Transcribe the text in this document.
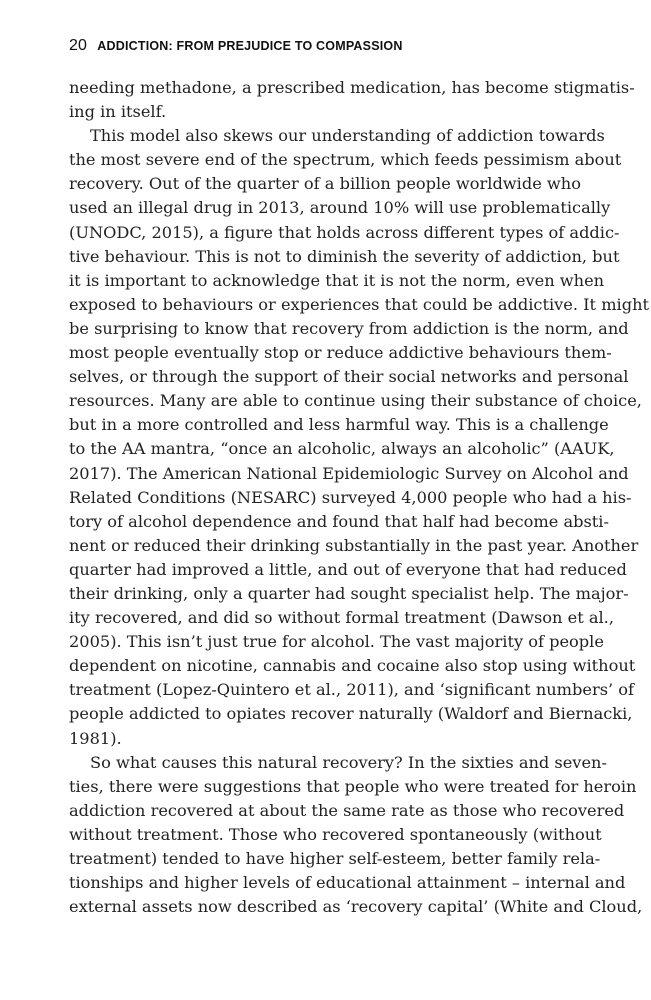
20 ADDICTION: FROM PREJUDICE TO COMPASSION
needing methadone, a prescribed medication, has become stigmatis-
ing in itself.
This model also skews our understanding of addiction towards
the most severe end of the spectrum, which feeds pessimism about
recovery. Out of the quarter of a billion people worldwide who
used an illegal drug in 2013, around 10% will use problematically
(UNODC, 2015), a figure that holds across different types of addic-
tive behaviour. This is not to diminish the severity of addiction, but
it is important to acknowledge that it is not the norm, even when
exposed to behaviours or experiences that could be addictive. It might
be surprising to know that recovery from addiction is the norm, and
most people eventually stop or reduce addictive behaviours them-
selves, or through the support of their social networks and personal
resources. Many are able to continue using their substance of choice,
but in a more controlled and less harmful way. This is a challenge
to the AA mantra, “once an alcoholic, always an alcoholic” (AAUK,
2017). The American National Epidemiologic Survey on Alcohol and
Related Conditions (NESARC) surveyed 4,000 people who had a his-
tory of alcohol dependence and found that half had become absti-
nent or reduced their drinking substantially in the past year. Another
quarter had improved a little, and out of everyone that had reduced
their drinking, only a quarter had sought specialist help. The major-
ity recovered, and did so without formal treatment (Dawson et al.,
2005). This isn’t just true for alcohol. The vast majority of people
dependent on nicotine, cannabis and cocaine also stop using without
treatment (Lopez-Quintero et al., 2011), and ‘significant numbers’ of
people addicted to opiates recover naturally (Waldorf and Biernacki,
1981).
So what causes this natural recovery? In the sixties and seven-
ties, there were suggestions that people who were treated for heroin
addiction recovered at about the same rate as those who recovered
without treatment. Those who recovered spontaneously (without
treatment) tended to have higher self-esteem, better family rela-
tionships and higher levels of educational attainment – internal and
external assets now described as ‘recovery capital’ (White and Cloud,
